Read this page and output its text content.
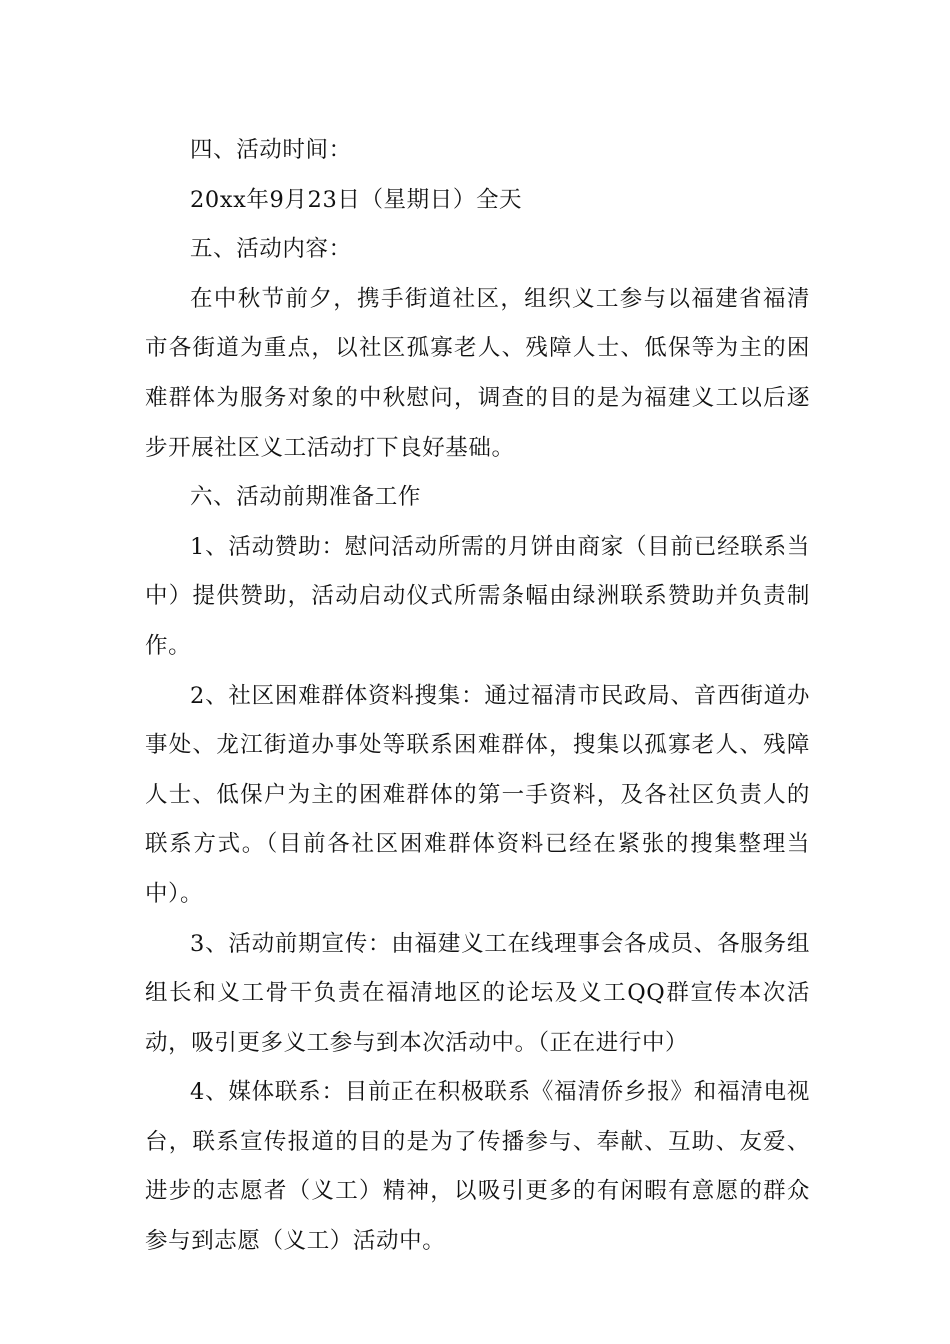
四、活动时间：

20xx年9月23日（星期日）全天

五、活动内容：

在中秋节前夕，携手街道社区，组织义工参与以福建省福清市各街道为重点，以社区孤寡老人、残障人士、低保等为主的困难群体为服务对象的中秋慰问，调查的目的是为福建义工以后逐步开展社区义工活动打下良好基础。

六、活动前期准备工作

1、活动赞助：慰问活动所需的月饼由商家（目前已经联系当中）提供赞助，活动启动仪式所需条幅由绿洲联系赞助并负责制作。

2、社区困难群体资料搜集：通过福清市民政局、音西街道办事处、龙江街道办事处等联系困难群体，搜集以孤寡老人、残障人士、低保户为主的困难群体的第一手资料，及各社区负责人的联系方式。（目前各社区困难群体资料已经在紧张的搜集整理当中）。

3、活动前期宣传：由福建义工在线理事会各成员、各服务组组长和义工骨干负责在福清地区的论坛及义工QQ群宣传本次活动，吸引更多义工参与到本次活动中。（正在进行中）

4、媒体联系：目前正在积极联系《福清侨乡报》和福清电视台，联系宣传报道的目的是为了传播参与、奉献、互助、友爱、进步的志愿者（义工）精神，以吸引更多的有闲暇有意愿的群众参与到志愿（义工）活动中。
